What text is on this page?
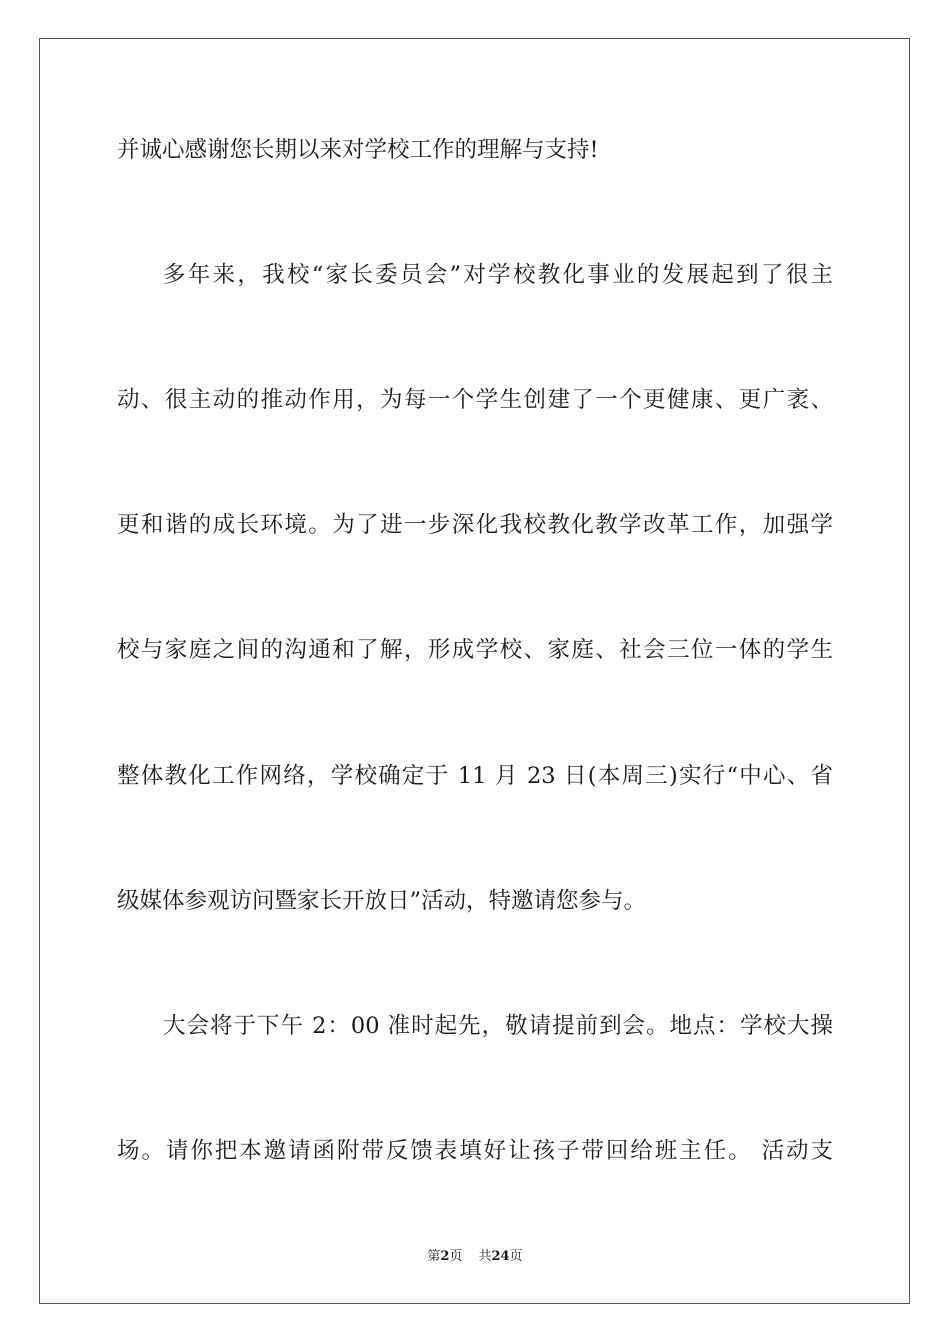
并诚心感谢您长期以来对学校工作的理解与支持!
多年来，我校“家长委员会”对学校教化事业的发展起到了很主
动、很主动的推动作用，为每一个学生创建了一个更健康、更广袤、
更和谐的成长环境。为了进一步深化我校教化教学改革工作，加强学
校与家庭之间的沟通和了解，形成学校、家庭、社会三位一体的学生
整体教化工作网络，学校确定于 11 月 23 日(本周三)实行“中心、省
级媒体参观访问暨家长开放日”活动，特邀请您参与。
大会将于下午 2：00 准时起先，敬请提前到会。地点：学校大操
场。请你把本邀请函附带反馈表填好让孩子带回给班主任。 活动支
第2页 共24页
